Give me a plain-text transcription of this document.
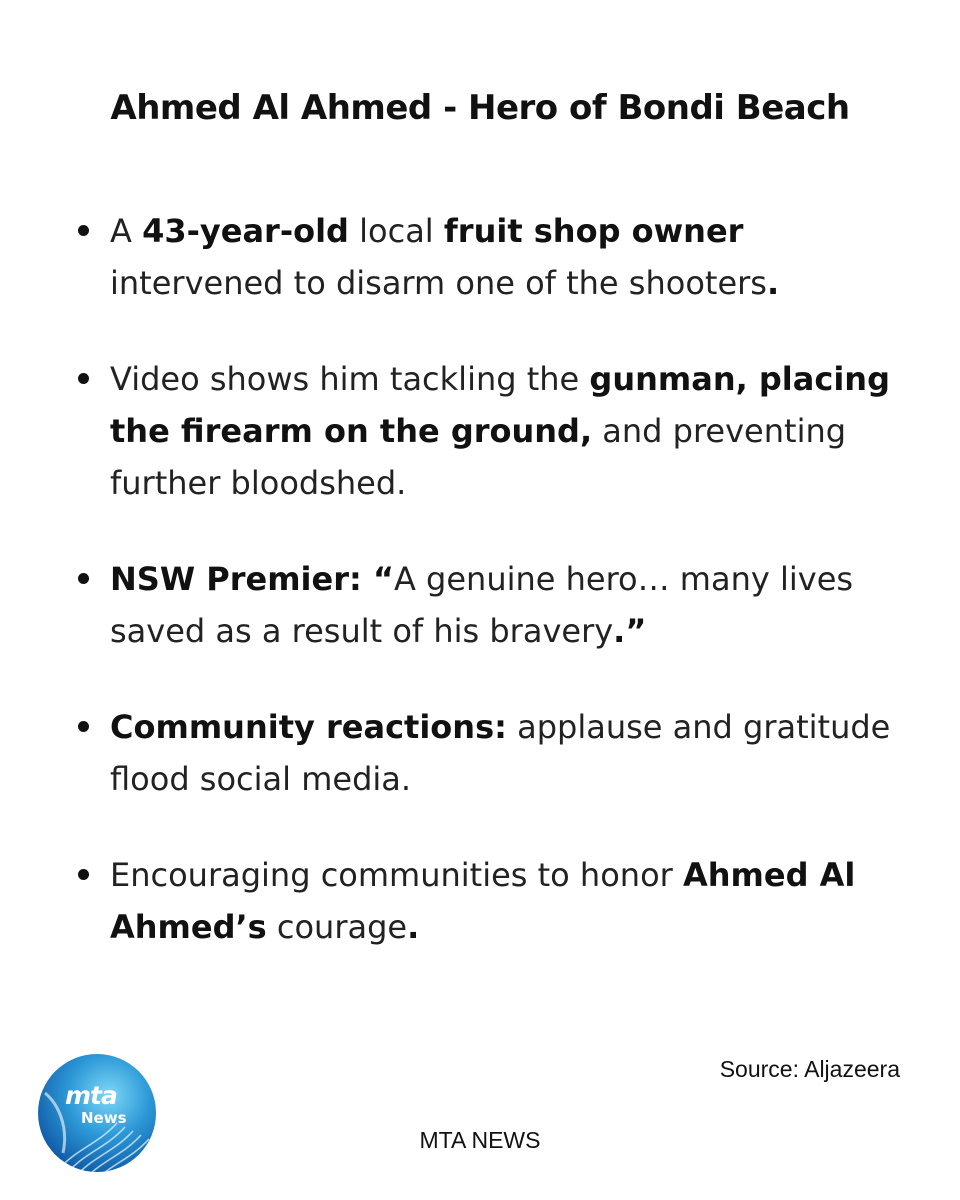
Ahmed Al Ahmed - Hero of Bondi Beach
A 43-year-old local fruit shop owner intervened to disarm one of the shooters.
Video shows him tackling the gunman, placing the firearm on the ground, and preventing further bloodshed.
NSW Premier: “A genuine hero… many lives saved as a result of his bravery.”
Community reactions: applause and gratitude flood social media.
Encouraging communities to honor Ahmed Al Ahmed’s courage.
Source: Aljazeera
mta
News
MTA NEWS
